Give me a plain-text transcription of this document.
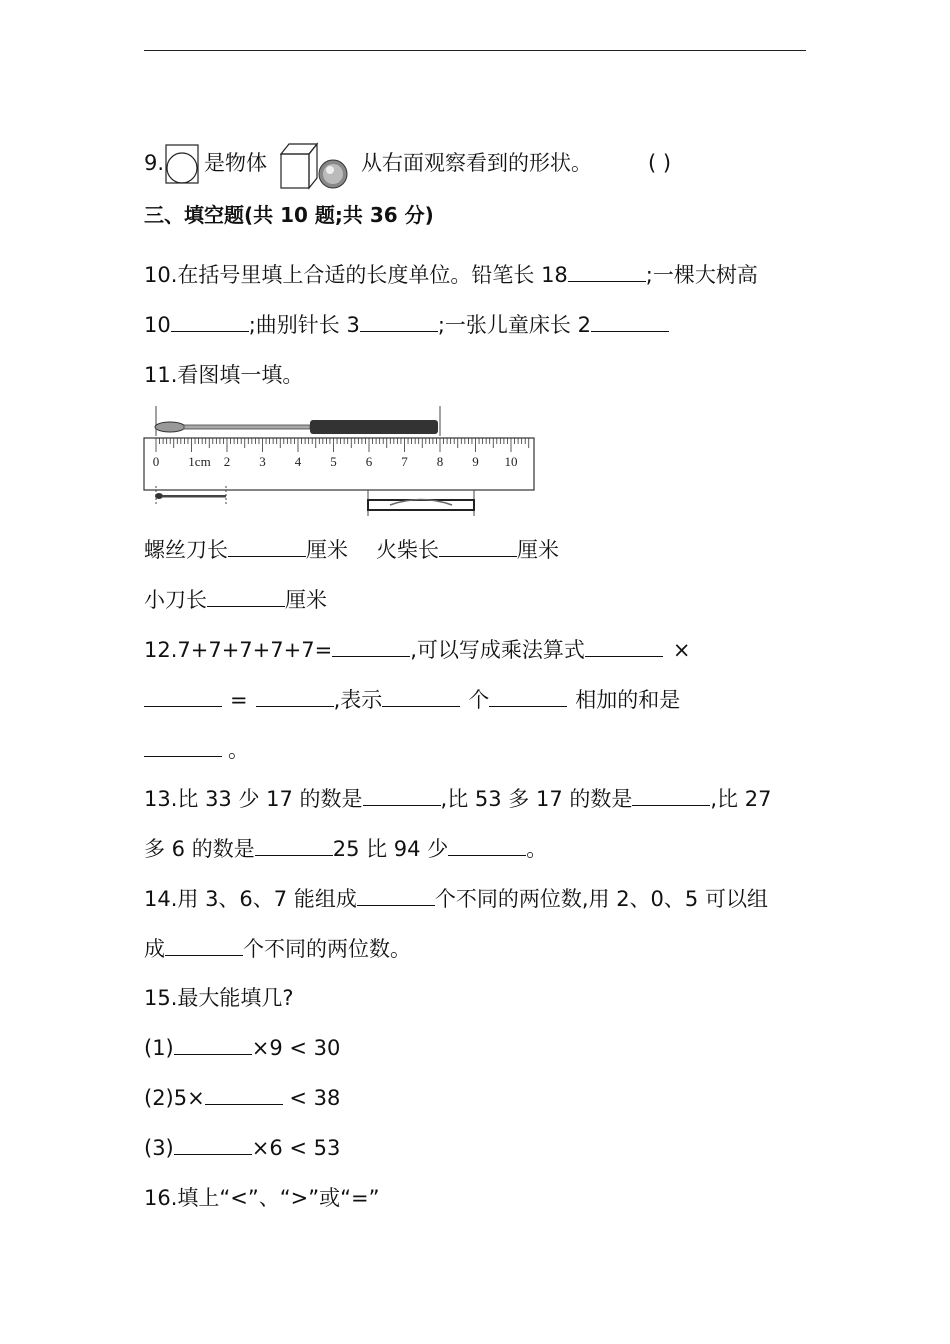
9. 是物体	从右面观察看到的形状。	( )
三、填空题(共 10 题;共 36 分)
10.在括号里填上合适的长度单位。铅笔长 18	;一棵大树高
10	;曲别针长 3	;一张儿童床长 2
11.看图填一填。
0 1cm 2 3 4 5 6 7 8 9 10
螺丝刀长	厘米 火柴长	厘米
小刀长	厘米
12.7+7+7+7+7=	,可以写成乘法算式	×
=	,表示	个	相加的和是
。
13.比 33 少 17 的数是	,比 53 多 17 的数是	,比 27
多 6 的数是	25 比 94 少	。
14.用 3、6、7 能组成	个不同的两位数,用 2、0、5 可以组
成	个不同的两位数。
15.最大能填几?
(1)	×9 < 30
(2)5×	< 38
(3)	×6 < 53
16.填上“<”、“>”或“=”
